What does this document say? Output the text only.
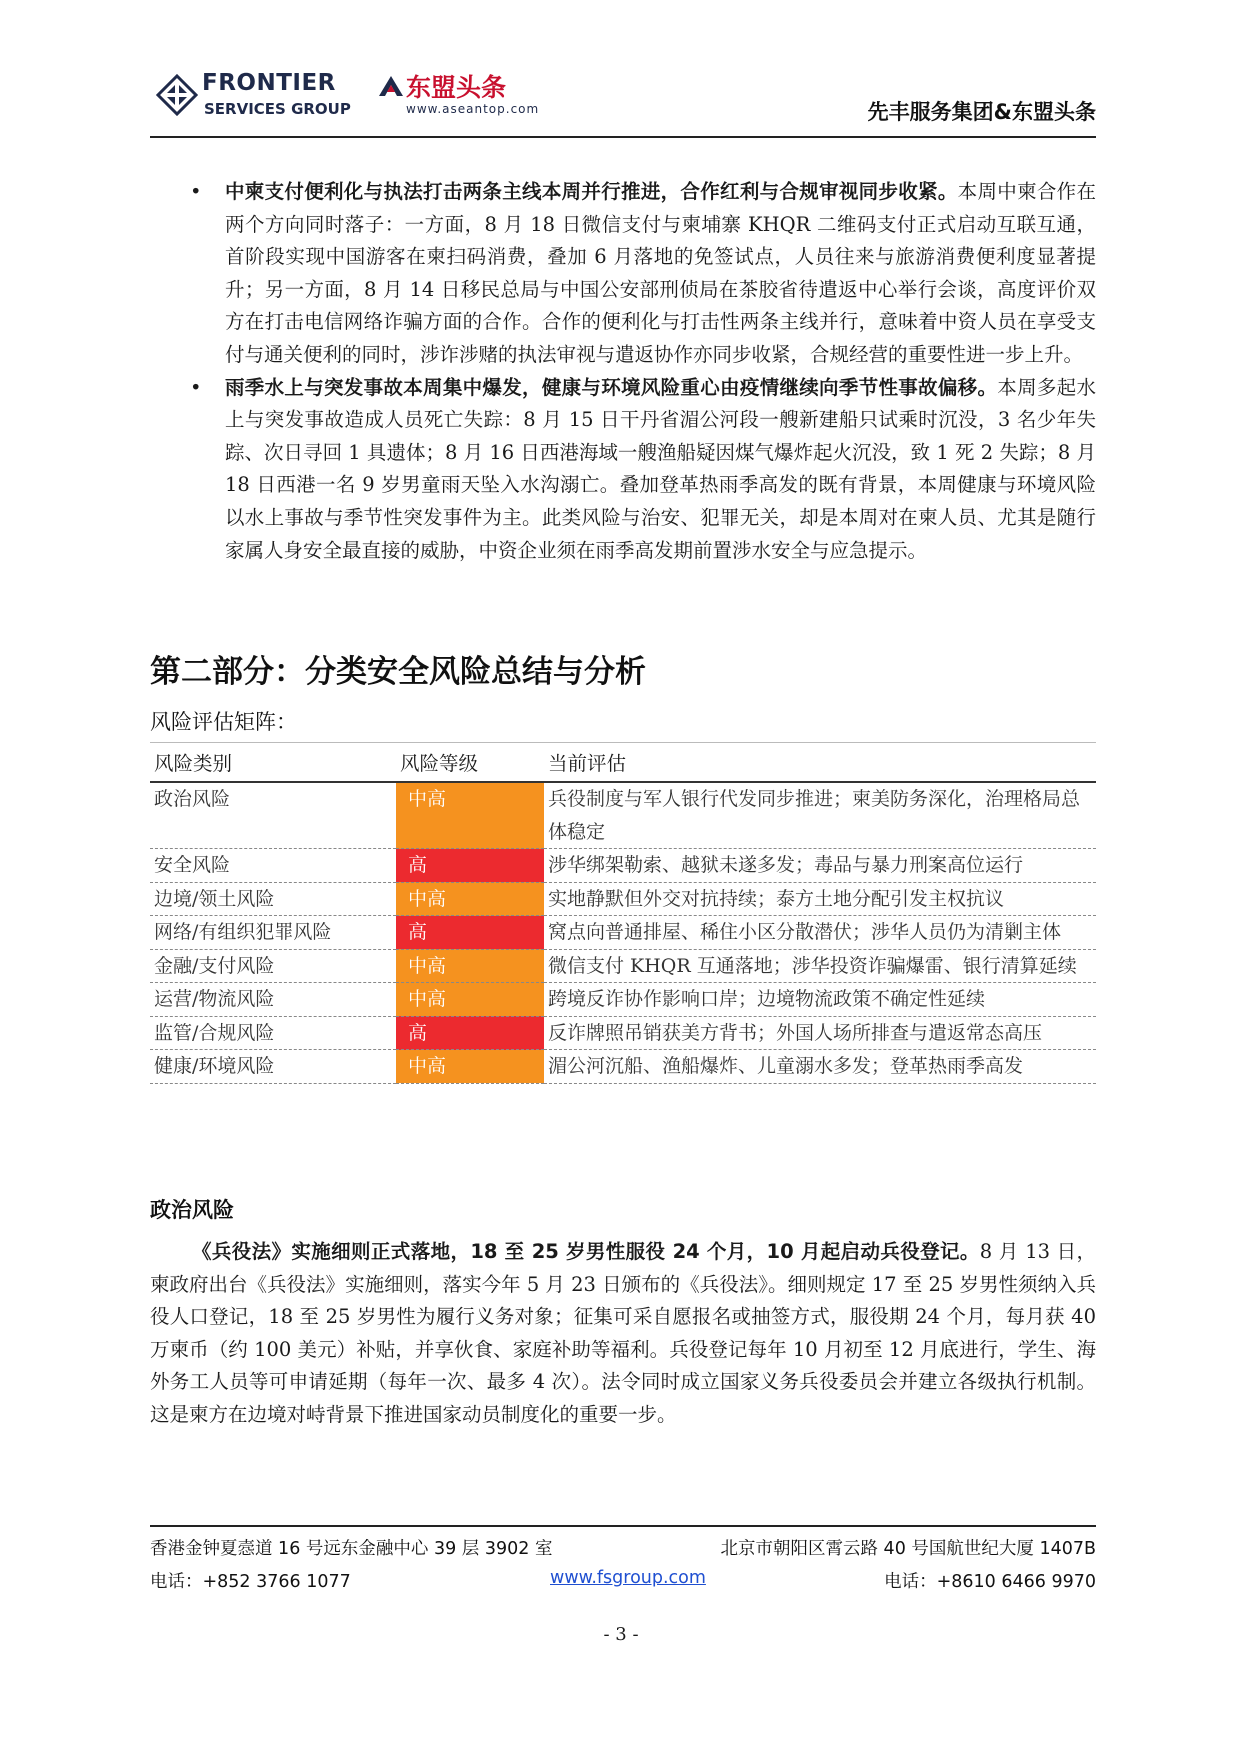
FRONTIER
SERVICES GROUP
东盟头条
www.aseantop.com	先丰服务集团&东盟头条
• 中柬支付便利化与执法打击两条主线本周并行推进，合作红利与合规审视同步收紧。本周中柬合作在两个方向同时落子：一方面，8 月 18 日微信支付与柬埔寨 KHQR 二维码支付正式启动互联互通，首阶段实现中国游客在柬扫码消费，叠加 6 月落地的免签试点，人员往来与旅游消费便利度显著提升；另一方面，8 月 14 日移民总局与中国公安部刑侦局在茶胶省待遣返中心举行会谈，高度评价双方在打击电信网络诈骗方面的合作。合作的便利化与打击性两条主线并行，意味着中资人员在享受支付与通关便利的同时，涉诈涉赌的执法审视与遣返协作亦同步收紧，合规经营的重要性进一步上升。
• 雨季水上与突发事故本周集中爆发，健康与环境风险重心由疫情继续向季节性事故偏移。本周多起水上与突发事故造成人员死亡失踪：8 月 15 日干丹省湄公河段一艘新建船只试乘时沉没，3 名少年失踪、次日寻回 1 具遗体；8 月 16 日西港海域一艘渔船疑因煤气爆炸起火沉没，致 1 死 2 失踪；8 月 18 日西港一名 9 岁男童雨天坠入水沟溺亡。叠加登革热雨季高发的既有背景，本周健康与环境风险以水上事故与季节性突发事件为主。此类风险与治安、犯罪无关，却是本周对在柬人员、尤其是随行家属人身安全最直接的威胁，中资企业须在雨季高发期前置涉水安全与应急提示。
第二部分：分类安全风险总结与分析
风险评估矩阵：
风险类别	风险等级	当前评估
政治风险	中高	兵役制度与军人银行代发同步推进；柬美防务深化，治理格局总体稳定
安全风险	高	涉华绑架勒索、越狱未遂多发；毒品与暴力刑案高位运行
边境/领土风险	中高	实地静默但外交对抗持续；泰方土地分配引发主权抗议
网络/有组织犯罪风险	高	窝点向普通排屋、稀住小区分散潜伏；涉华人员仍为清剿主体
金融/支付风险	中高	微信支付 KHQR 互通落地；涉华投资诈骗爆雷、银行清算延续
运营/物流风险	中高	跨境反诈协作影响口岸；边境物流政策不确定性延续
监管/合规风险	高	反诈牌照吊销获美方背书；外国人场所排查与遣返常态高压
健康/环境风险	中高	湄公河沉船、渔船爆炸、儿童溺水多发；登革热雨季高发
政治风险
《兵役法》实施细则正式落地，18 至 25 岁男性服役 24 个月，10 月起启动兵役登记。8 月 13 日，柬政府出台《兵役法》实施细则，落实今年 5 月 23 日颁布的《兵役法》。细则规定 17 至 25 岁男性须纳入兵役人口登记，18 至 25 岁男性为履行义务对象；征集可采自愿报名或抽签方式，服役期 24 个月，每月获 40 万柬币（约 100 美元）补贴，并享伙食、家庭补助等福利。兵役登记每年 10 月初至 12 月底进行，学生、海外务工人员等可申请延期（每年一次、最多 4 次）。法令同时成立国家义务兵役委员会并建立各级执行机制。这是柬方在边境对峙背景下推进国家动员制度化的重要一步。
香港金钟夏悫道 16 号远东金融中心 39 层 3902 室	北京市朝阳区霄云路 40 号国航世纪大厦 1407B
电话：+852 3766 1077	www.fsgroup.com	电话：+8610 6466 9970
- 3 -
